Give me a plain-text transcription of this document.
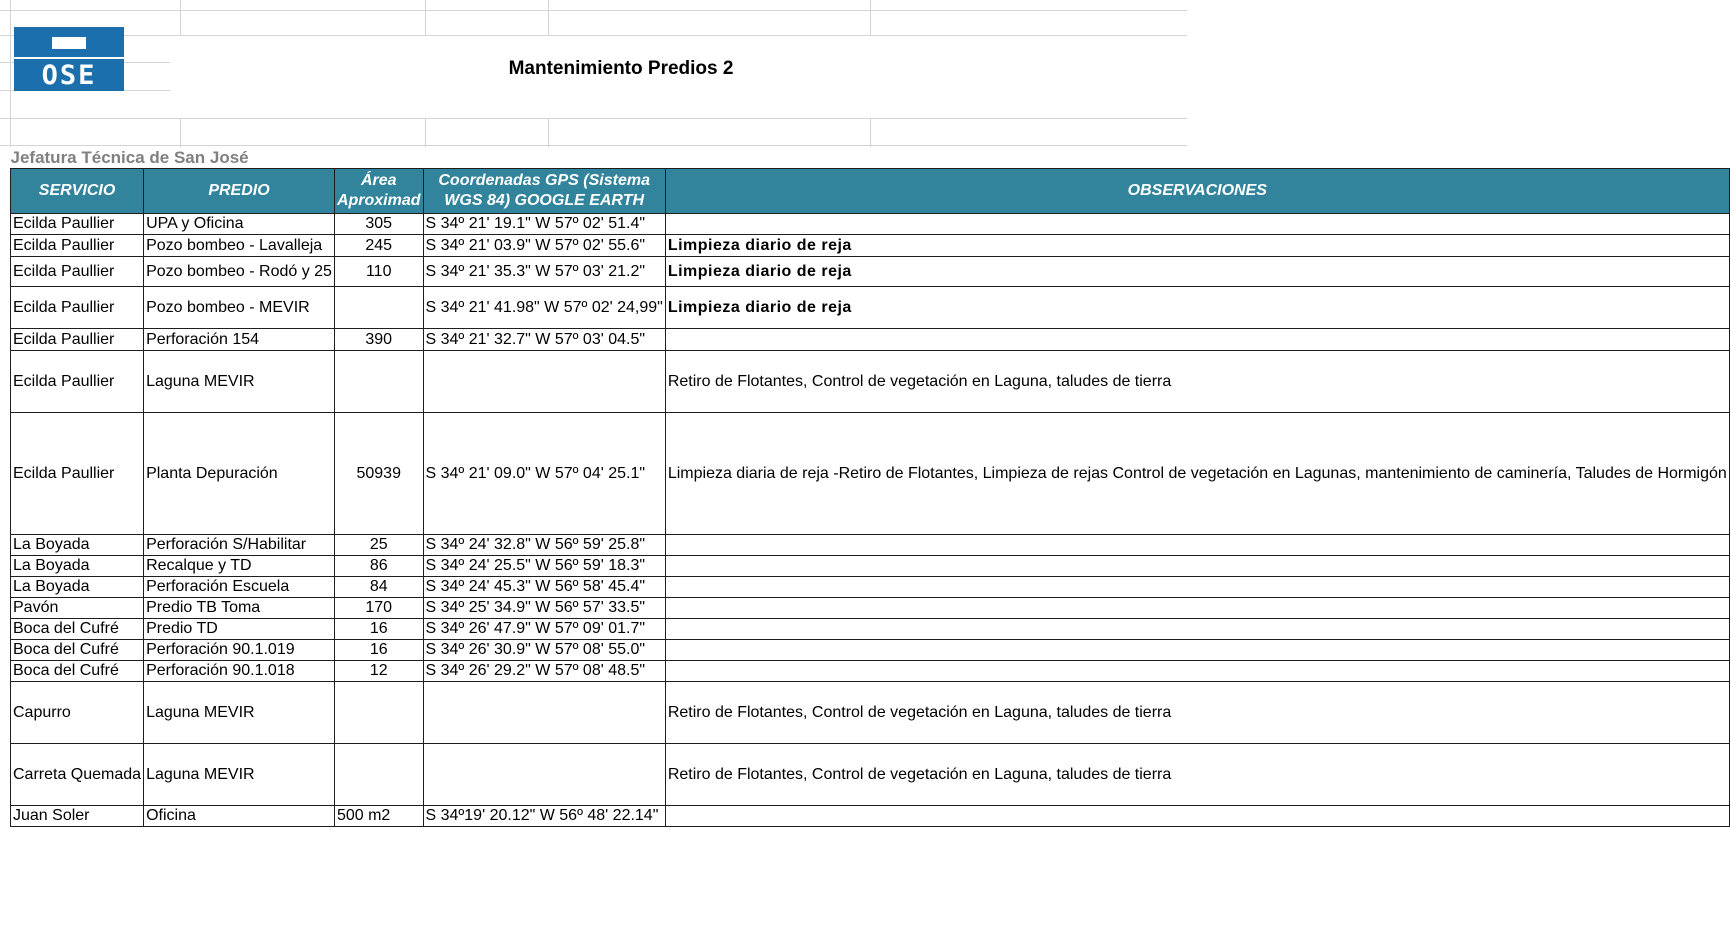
OSE	Mantenimiento Predios 2
Jefatura Técnica de San José				
SERVICIO	PREDIO	Área Aproximad	Coordenadas GPS (Sistema WGS 84) GOOGLE EARTH	OBSERVACIONES
Ecilda Paullier	UPA y Oficina	305	S 34º 21' 19.1" W 57º 02' 51.4"	
Ecilda Paullier	Pozo bombeo - Lavalleja	245	S 34º 21' 03.9" W 57º 02' 55.6"	Limpieza diario de reja
Ecilda Paullier	Pozo bombeo - Rodó y 25	110	S 34º 21' 35.3" W 57º 03' 21.2"	Limpieza diario de reja
Ecilda Paullier	Pozo bombeo - MEVIR		S 34º 21' 41.98" W 57º 02' 24,99"	Limpieza diario de reja
Ecilda Paullier	Perforación 154	390	S 34º 21' 32.7" W 57º 03' 04.5"	
Ecilda Paullier	Laguna MEVIR			Retiro de Flotantes, Control de vegetación en Laguna, taludes de tierra
Ecilda Paullier	Planta Depuración	50939	S 34º 21' 09.0" W 57º 04' 25.1"	Limpieza diaria de reja -Retiro de Flotantes, Limpieza de rejas Control de vegetación en Lagunas, mantenimiento de caminería, Taludes de Hormigón
La Boyada	Perforación S/Habilitar	25	S 34º 24' 32.8" W 56º 59' 25.8"	
La Boyada	Recalque y TD	86	S 34º 24' 25.5" W 56º 59' 18.3"	
La Boyada	Perforación Escuela	84	S 34º 24' 45.3" W 56º 58' 45.4"	
Pavón	Predio TB Toma	170	S 34º 25' 34.9" W 56º 57' 33.5"	
Boca del Cufré	Predio TD	16	S 34º 26' 47.9" W 57º 09' 01.7"	
Boca del Cufré	Perforación 90.1.019	16	S 34º 26' 30.9" W 57º 08' 55.0"	
Boca del Cufré	Perforación 90.1.018	12	S 34º 26' 29.2" W 57º 08' 48.5"	
Capurro	Laguna MEVIR			Retiro de Flotantes, Control de vegetación en Laguna, taludes de tierra
Carreta Quemada	Laguna MEVIR			Retiro de Flotantes, Control de vegetación en Laguna, taludes de tierra
Juan Soler	Oficina	500 m2	S 34º19' 20.12" W 56º 48' 22.14"	
